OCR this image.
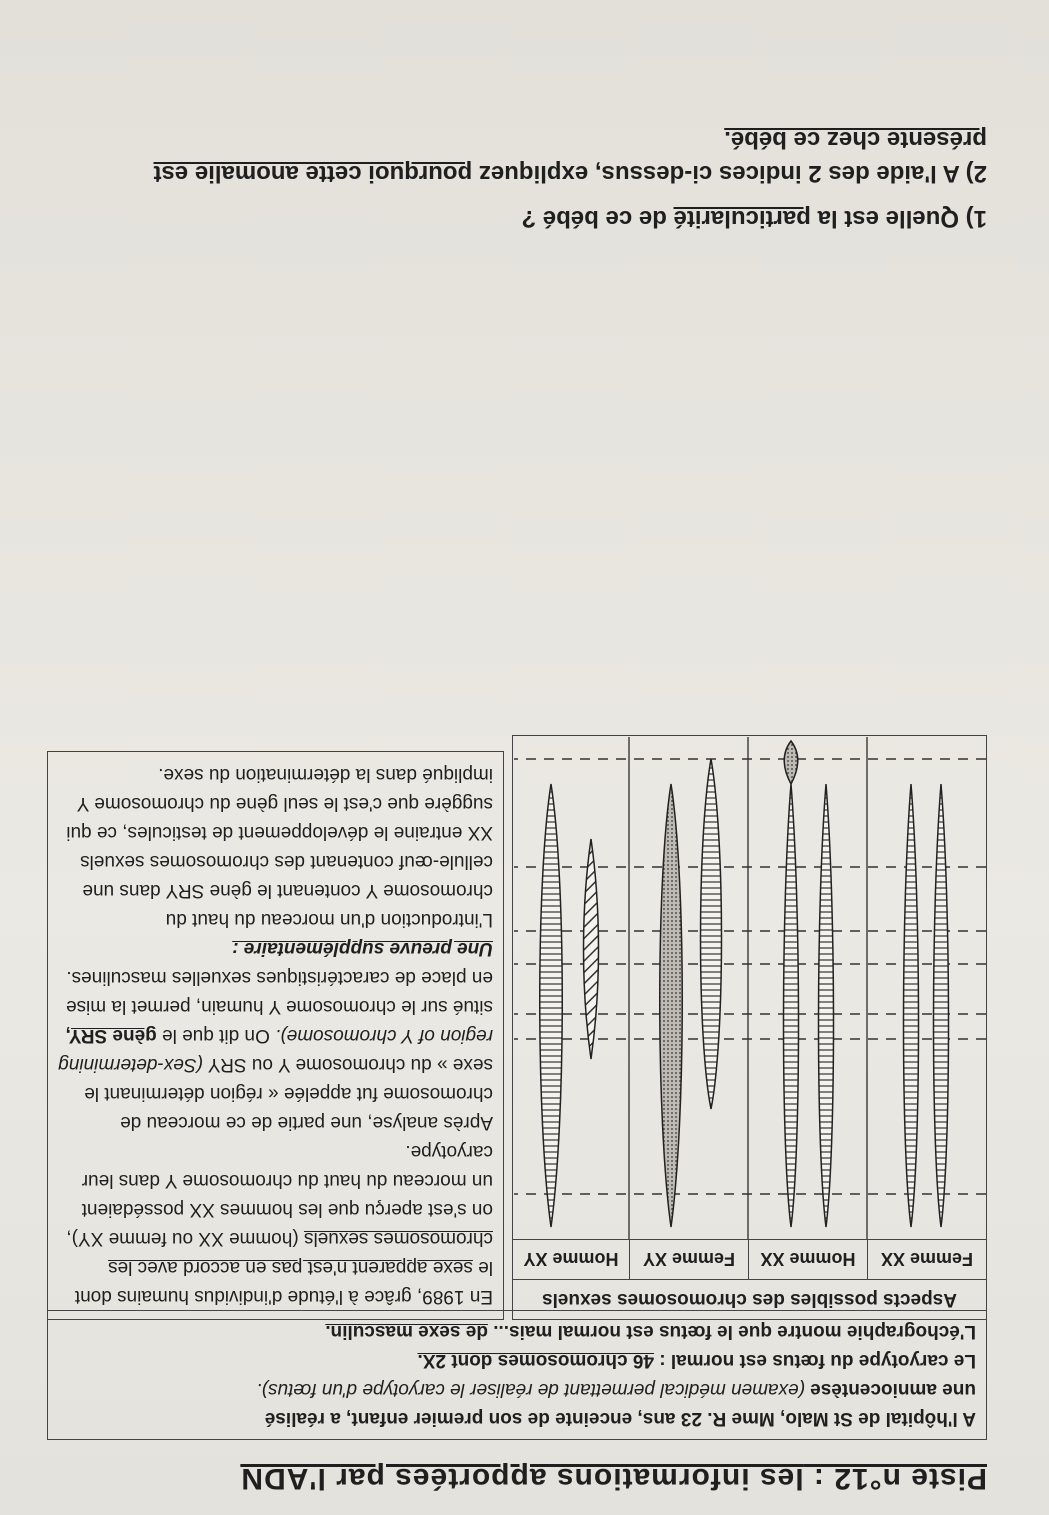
Piste n°12 : les informations apportées par l'ADN
A l'hôpital de St Malo, Mme R. 23 ans, enceinte de son premier enfant, a réalisé
une amniocentèse (examen médical permettant de réaliser le caryotype d'un fœtus).
Le caryotype du fœtus est normal : 46 chromosomes dont 2X.
L'échographie montre que le fœtus est normal mais... de sexe masculin.
Aspects possibles des chromosomes sexuels
Femme XX
Homme XX
Femme XY
Homme XY

En 1989, grâce à l'étude d'individus humains dont le sexe apparent n'est pas en accord avec les chromosomes sexuels (homme XX ou femme XY), on s'est aperçu que les hommes XX possédaient un morceau du haut du chromosome Y dans leur caryotype.

Après analyse, une partie de ce morceau de chromosome fut appelée « région déterminant le sexe » du chromosome Y ou SRY (Sex-determining region of Y chromosome). On dit que le gène SRY, situé sur le chromosome Y humain, permet la mise en place de caractéristiques sexuelles masculines.

Une preuve supplémentaire :

L'introduction d'un morceau du haut du chromosome Y contenant le gène SRY dans une cellule-œuf contenant des chromosomes sexuels XX entraine le développement de testicules, ce qui suggère que c'est le seul gène du chromosome Y impliqué dans la détermination du sexe.

1) Quelle est la particularité de ce bébé ?
2) A l'aide des 2 indices ci-dessus, expliquez pourquoi cette anomalie est présente chez ce bébé.
